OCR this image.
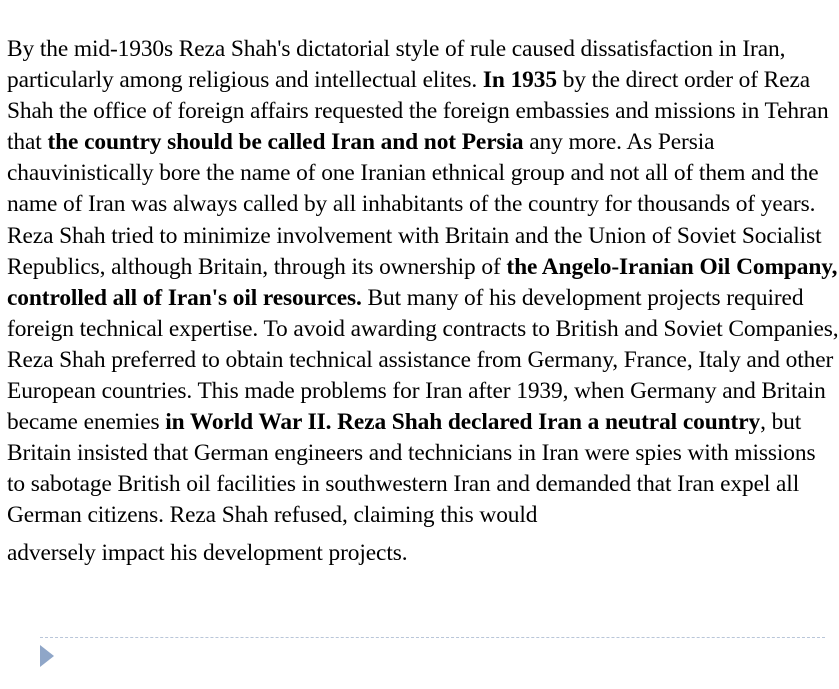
By the mid-1930s Reza Shah's dictatorial style of rule caused dissatisfaction in Iran, particularly among religious and intellectual elites. In 1935 by the direct order of Reza Shah the office of foreign affairs requested the foreign embassies and missions in Tehran that the country should be called Iran and not Persia any more. As Persia chauvinistically bore the name of one Iranian ethnical group and not all of them and the name of Iran was always called by all inhabitants of the country for thousands of years.

Reza Shah tried to minimize involvement with Britain and the Union of Soviet Socialist Republics, although Britain, through its ownership of the Angelo-Iranian Oil Company, controlled all of Iran's oil resources. But many of his development projects required foreign technical expertise. To avoid awarding contracts to British and Soviet Companies, Reza Shah preferred to obtain technical assistance from Germany, France, Italy and other European countries. This made problems for Iran after 1939, when Germany and Britain became enemies in World War II. Reza Shah declared Iran a neutral country, but Britain insisted that German engineers and technicians in Iran were spies with missions to sabotage British oil facilities in southwestern Iran and demanded that Iran expel all German citizens. Reza Shah refused, claiming this would
adversely impact his development projects.
